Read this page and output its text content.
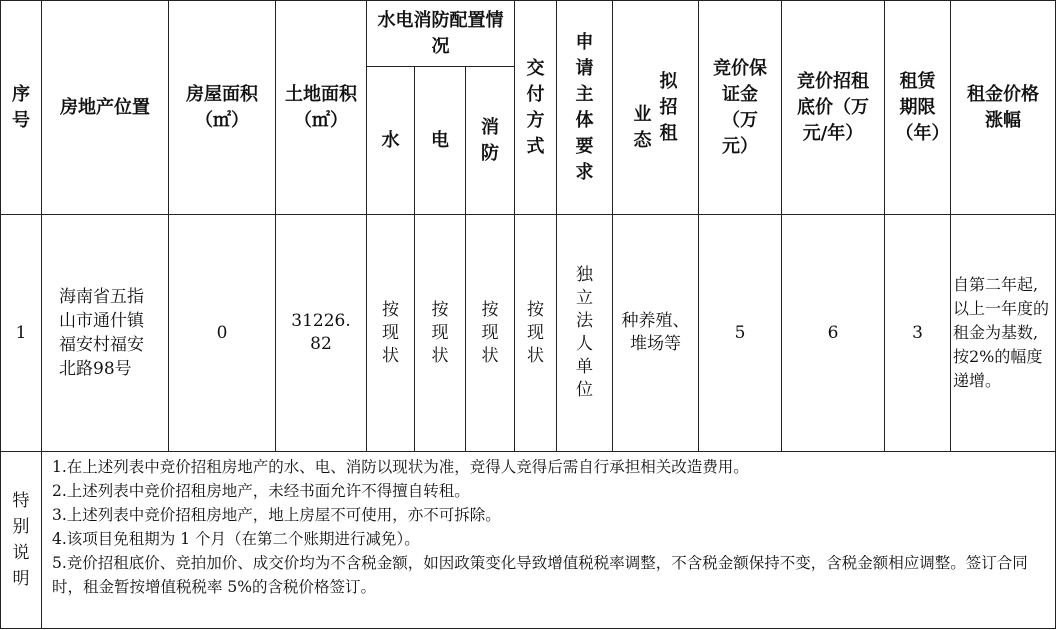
序号
房地产位置
房屋面积（㎡）
土地面积（㎡）
水电消防配置情况
水 电
消防
交付方式
申请主体要求
业态
拟招租
竞价保证金（万元）
竞价招租底价（万元/年）
租赁期限（年）
租金价格涨幅
1
海南省五指山市通什镇福安村福安北路98号
0
31226.82
按现状
按现状
按现状
按现状
独立法人单位
种养殖、堆场等
5	6	3
自第二年起,以上一年度的租金为基数,按2%的幅度递增。
特别说明

1.在上述列表中竞价招租房地产的水、电、消防以现状为准，竞得人竞得后需自行承担相关改造费用。

2.上述列表中竞价招租房地产，未经书面允许不得擅自转租。

3.上述列表中竞价招租房地产，地上房屋不可使用，亦不可拆除。

4.该项目免租期为 1 个月（在第二个账期进行减免）。

5.竞价招租底价、竞拍加价、成交价均为不含税金额，如因政策变化导致增值税税率调整，不含税金额保持不变，含税金额相应调整。签订合同时，租金暂按增值税税率 5%的含税价格签订。
